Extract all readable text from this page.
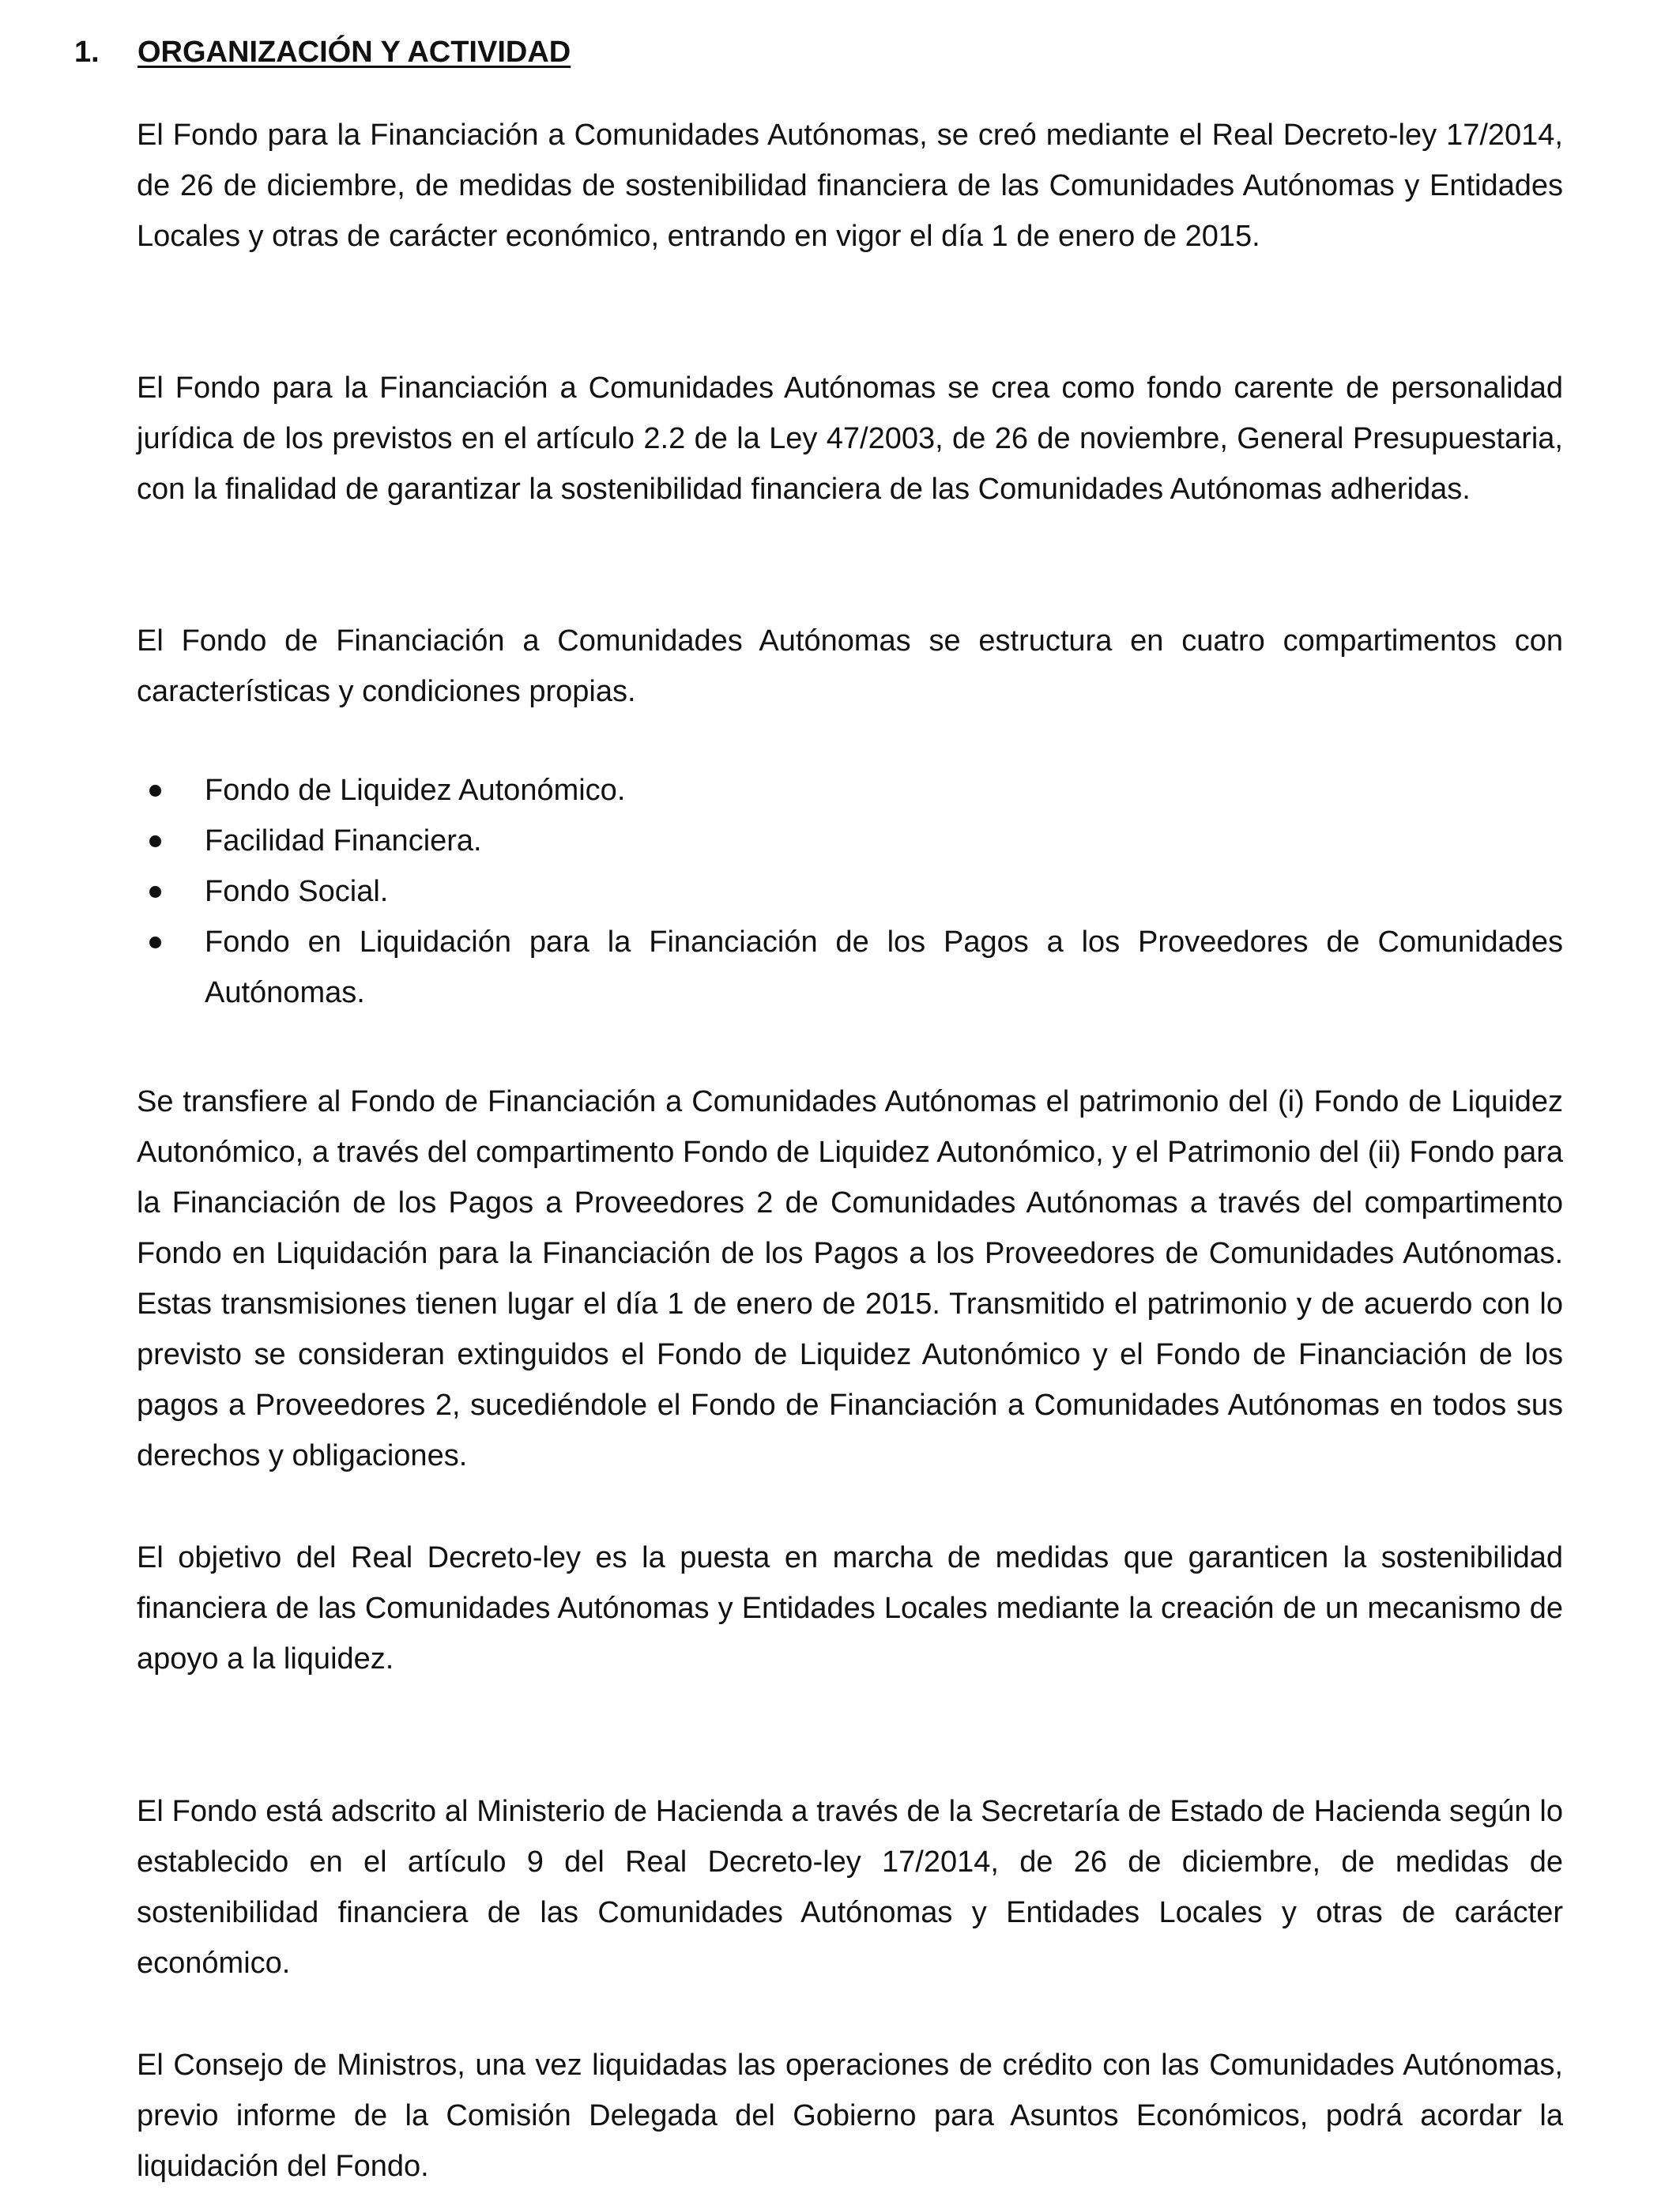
1. ORGANIZACIÓN Y ACTIVIDAD

El Fondo para la Financiación a Comunidades Autónomas, se creó mediante el Real Decreto-ley 17/2014, de 26 de diciembre, de medidas de sostenibilidad financiera de las Comunidades Autónomas y Entidades Locales y otras de carácter económico, entrando en vigor el día 1 de enero de 2015.

El Fondo para la Financiación a Comunidades Autónomas se crea como fondo carente de personalidad jurídica de los previstos en el artículo 2.2 de la Ley 47/2003, de 26 de noviembre, General Presupuestaria, con la finalidad de garantizar la sostenibilidad financiera de las Comunidades Autónomas adheridas.

El Fondo de Financiación a Comunidades Autónomas se estructura en cuatro compartimentos con características y condiciones propias.

Fondo de Liquidez Autonómico.
Facilidad Financiera.
Fondo Social.
Fondo en Liquidación para la Financiación de los Pagos a los Proveedores de Comunidades Autónomas.

Se transfiere al Fondo de Financiación a Comunidades Autónomas el patrimonio del (i) Fondo de Liquidez Autonómico, a través del compartimento Fondo de Liquidez Autonómico, y el Patrimonio del (ii) Fondo para la Financiación de los Pagos a Proveedores 2 de Comunidades Autónomas a través del compartimento Fondo en Liquidación para la Financiación de los Pagos a los Proveedores de Comunidades Autónomas. Estas transmisiones tienen lugar el día 1 de enero de 2015. Transmitido el patrimonio y de acuerdo con lo previsto se consideran extinguidos el Fondo de Liquidez Autonómico y el Fondo de Financiación de los pagos a Proveedores 2, sucediéndole el Fondo de Financiación a Comunidades Autónomas en todos sus derechos y obligaciones.

El objetivo del Real Decreto-ley es la puesta en marcha de medidas que garanticen la sostenibilidad financiera de las Comunidades Autónomas y Entidades Locales mediante la creación de un mecanismo de apoyo a la liquidez.

El Fondo está adscrito al Ministerio de Hacienda a través de la Secretaría de Estado de Hacienda según lo establecido en el artículo 9 del Real Decreto-ley 17/2014, de 26 de diciembre, de medidas de sostenibilidad financiera de las Comunidades Autónomas y Entidades Locales y otras de carácter económico.

El Consejo de Ministros, una vez liquidadas las operaciones de crédito con las Comunidades Autónomas, previo informe de la Comisión Delegada del Gobierno para Asuntos Económicos, podrá acordar la liquidación del Fondo.
